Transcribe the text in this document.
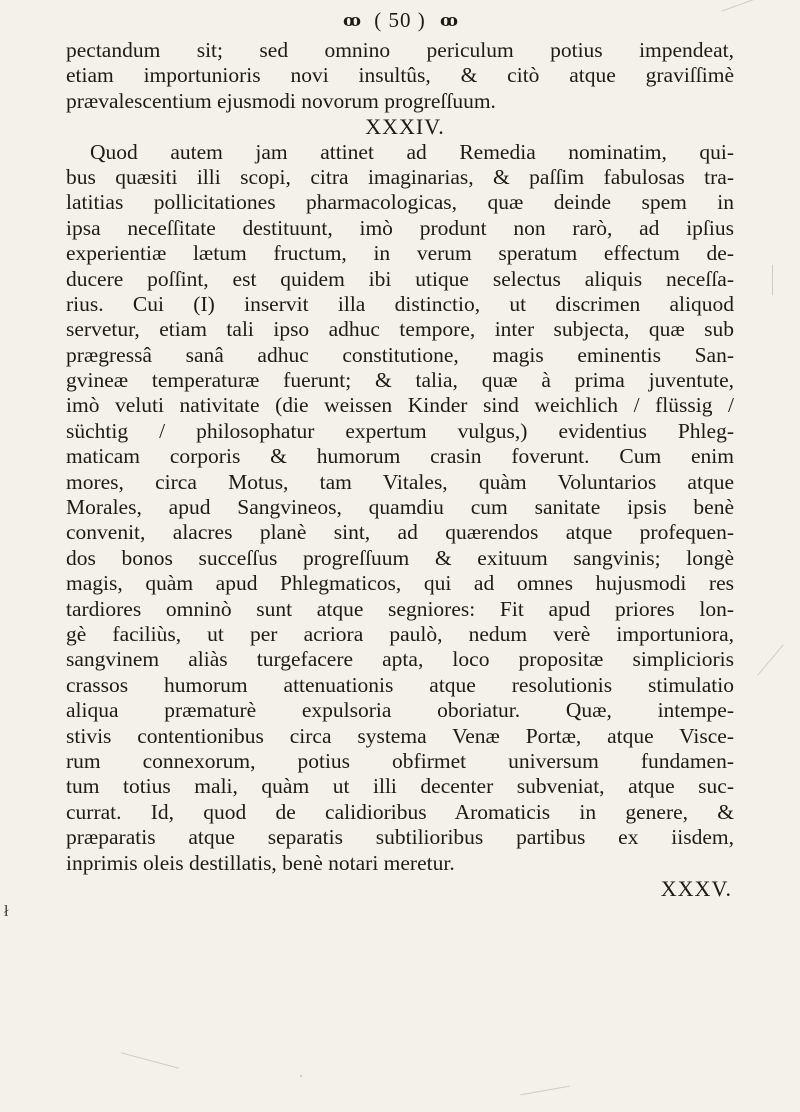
ꝏ ( 50 ) ꝏ
pectandum sit; sed omnino periculum potius impendeat,
etiam importunioris novi insultûs, & citò atque graviſſimè
prævalescentium ejusmodi novorum progreſſuum.
XXXIV.
Quod autem jam attinet ad Remedia nominatim, qui-
bus quæsiti illi scopi, citra imaginarias, & paſſim fabulosas tra-
latitias pollicitationes pharmacologicas, quæ deinde spem in
ipsa neceſſitate destituunt, imò produnt non rarò, ad ipſius
experientiæ lætum fructum, in verum speratum effectum de-
ducere poſſint, est quidem ibi utique selectus aliquis neceſſa-
rius. Cui (I) inservit illa distinctio, ut discrimen aliquod
servetur, etiam tali ipso adhuc tempore, inter subjecta, quæ sub
prægressâ sanâ adhuc constitutione, magis eminentis San-
gvineæ temperaturæ fuerunt; & talia, quæ à prima juventute,
imò veluti nativitate (die weissen Kinder sind weichlich / flüssig /
süchtig / philosophatur expertum vulgus,) evidentius Phleg-
maticam corporis & humorum crasin foverunt. Cum enim
mores, circa Motus, tam Vitales, quàm Voluntarios atque
Morales, apud Sangvineos, quamdiu cum sanitate ipsis benè
convenit, alacres planè sint, ad quærendos atque profequen-
dos bonos succeſſus progreſſuum & exituum sangvinis; longè
magis, quàm apud Phlegmaticos, qui ad omnes hujusmodi res
tardiores omninò sunt atque segniores: Fit apud priores lon-
gè faciliùs, ut per acriora paulò, nedum verè importuniora,
sangvinem aliàs turgefacere apta, loco propositæ simplicioris
crassos humorum attenuationis atque resolutionis stimulatio
aliqua præmaturè expulsoria oboriatur. Quæ, intempe-
stivis contentionibus circa systema Venæ Portæ, atque Visce-
rum connexorum, potius obfirmet universum fundamen-
tum totius mali, quàm ut illi decenter subveniat, atque suc-
currat. Id, quod de calidioribus Aromaticis in genere, &
præparatis atque separatis subtilioribus partibus ex iisdem,
inprimis oleis destillatis, benè notari meretur.
XXXV.
ł
